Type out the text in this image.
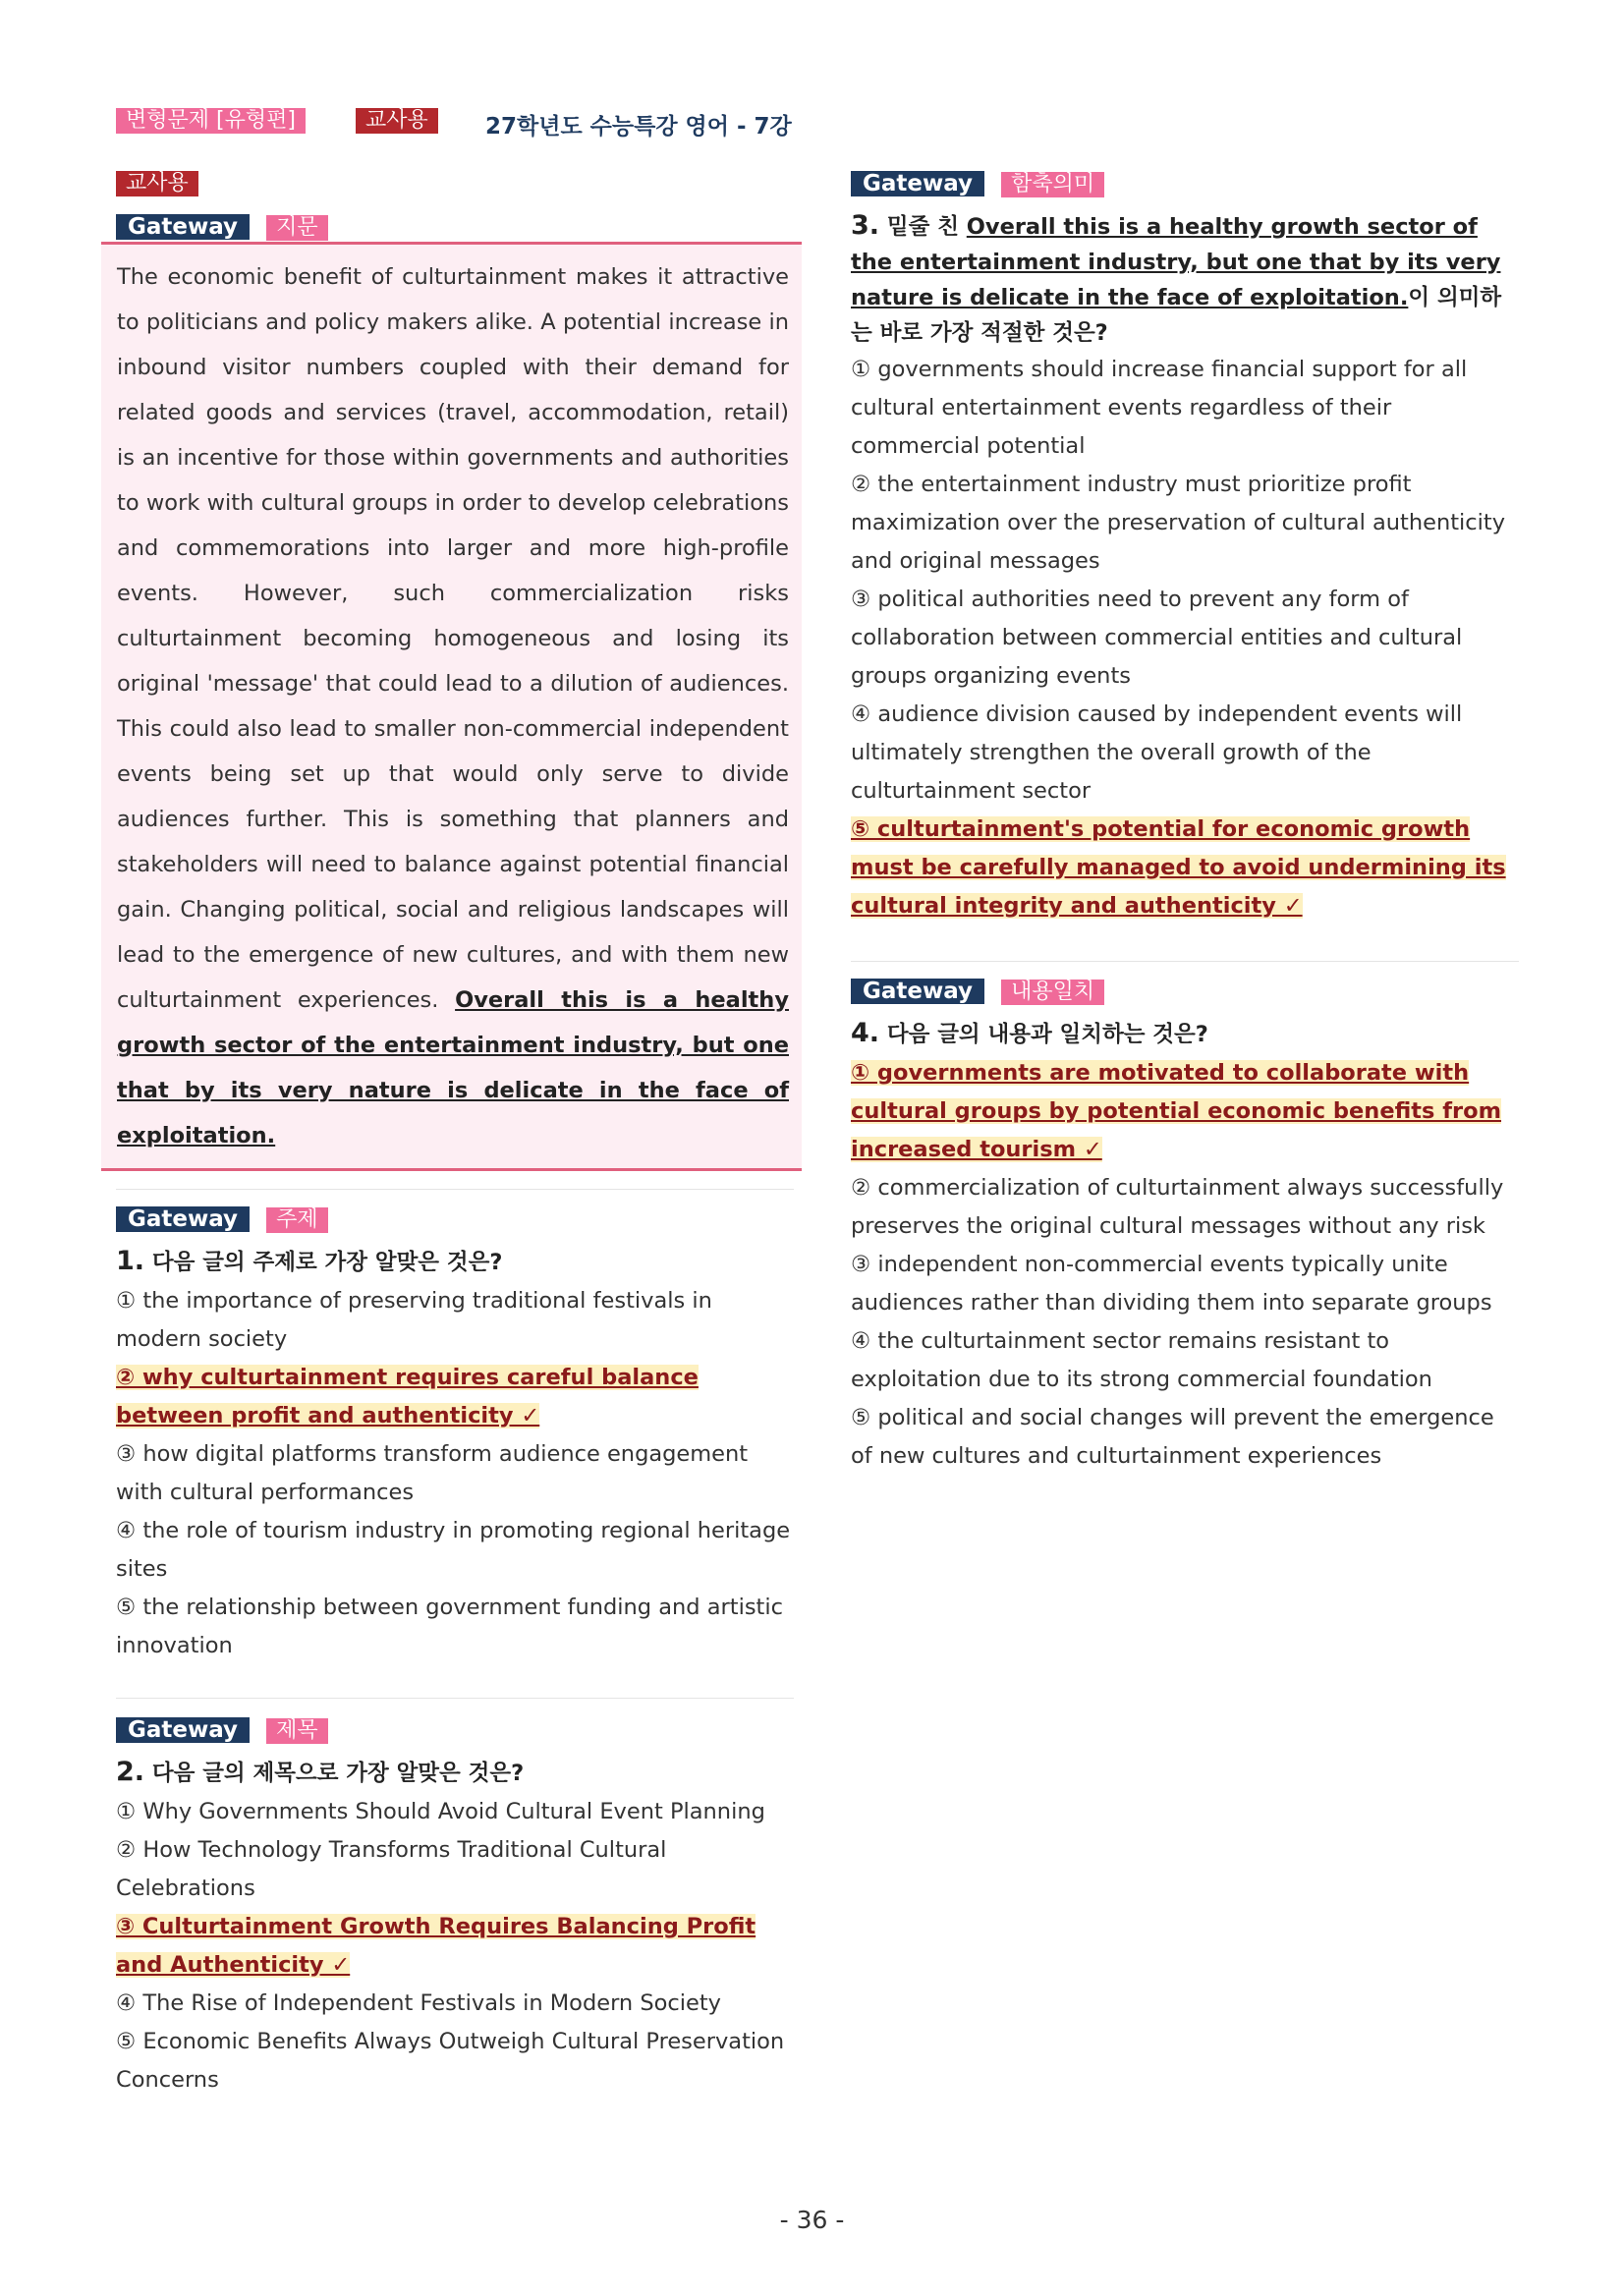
변형문제 [유형편]	교사용	27학년도 수능특강 영어 - 7강
교사용
Gateway 지문
The economic benefit of culturtainment makes it attractive to politicians and policy makers alike. A potential increase in inbound visitor numbers coupled with their demand for related goods and services (travel, accommodation, retail) is an incentive for those within governments and authorities to work with cultural groups in order to develop celebrations and commemorations into larger and more high-profile events. However, such commercialization risks culturtainment becoming homogeneous and losing its original 'message' that could lead to a dilution of audiences. This could also lead to smaller non-commercial independent events being set up that would only serve to divide audiences further. This is something that planners and stakeholders will need to balance against potential financial gain. Changing political, social and religious landscapes will lead to the emergence of new cultures, and with them new culturtainment experiences. Overall this is a healthy growth sector of the entertainment industry, but one that by its very nature is delicate in the face of exploitation.
Gateway 주제
1. 다음 글의 주제로 가장 알맞은 것은?
① the importance of preserving traditional festivals in modern society
② why culturtainment requires careful balance between profit and authenticity ✓
③ how digital platforms transform audience engagement with cultural performances
④ the role of tourism industry in promoting regional heritage sites
⑤ the relationship between government funding and artistic innovation
Gateway 제목
2. 다음 글의 제목으로 가장 알맞은 것은?
① Why Governments Should Avoid Cultural Event Planning
② How Technology Transforms Traditional Cultural Celebrations
③ Culturtainment Growth Requires Balancing Profit and Authenticity ✓
④ The Rise of Independent Festivals in Modern Society
⑤ Economic Benefits Always Outweigh Cultural Preservation Concerns
Gateway 함축의미
3. 밑줄 친 Overall this is a healthy growth sector of the entertainment industry, but one that by its very nature is delicate in the face of exploitation.이 의미하는 바로 가장 적절한 것은?
① governments should increase financial support for all cultural entertainment events regardless of their commercial potential
② the entertainment industry must prioritize profit maximization over the preservation of cultural authenticity and original messages
③ political authorities need to prevent any form of collaboration between commercial entities and cultural groups organizing events
④ audience division caused by independent events will ultimately strengthen the overall growth of the culturtainment sector
⑤ culturtainment's potential for economic growth must be carefully managed to avoid undermining its cultural integrity and authenticity ✓
Gateway 내용일치
4. 다음 글의 내용과 일치하는 것은?
① governments are motivated to collaborate with cultural groups by potential economic benefits from increased tourism ✓
② commercialization of culturtainment always successfully preserves the original cultural messages without any risk
③ independent non-commercial events typically unite audiences rather than dividing them into separate groups
④ the culturtainment sector remains resistant to exploitation due to its strong commercial foundation
⑤ political and social changes will prevent the emergence of new cultures and culturtainment experiences
- 36 -
